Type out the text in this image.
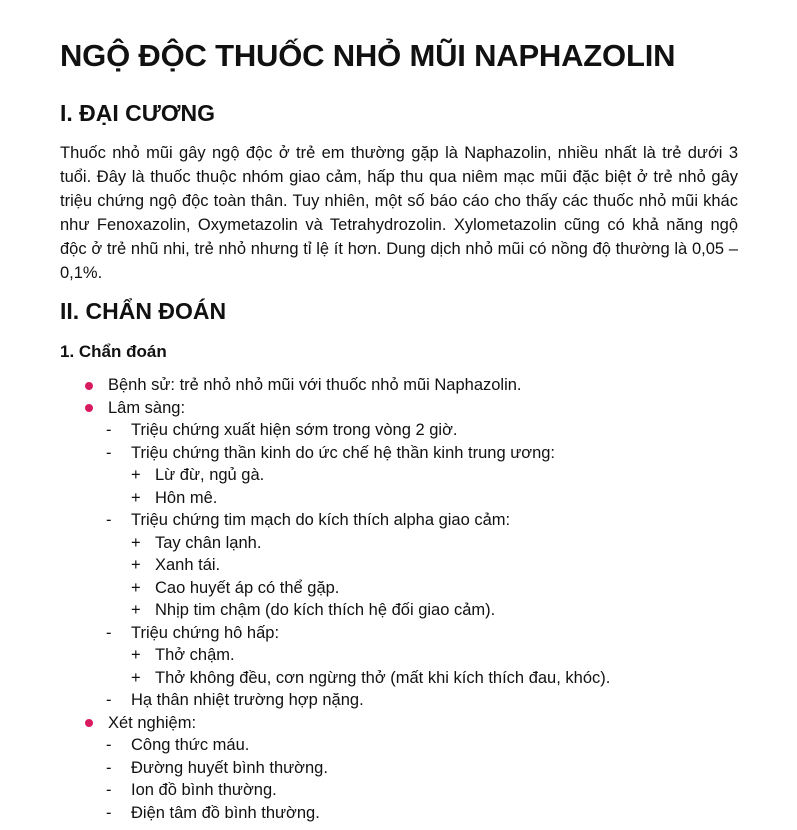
NGỘ ĐỘC THUỐC NHỎ MŨI NAPHAZOLIN
I. ĐẠI CƯƠNG

Thuốc nhỏ mũi gây ngộ độc ở trẻ em thường gặp là Naphazolin, nhiều nhất là trẻ dưới 3 tuổi. Đây là thuốc thuộc nhóm giao cảm, hấp thu qua niêm mạc mũi đặc biệt ở trẻ nhỏ gây triệu chứng ngộ độc toàn thân. Tuy nhiên, một số báo cáo cho thấy các thuốc nhỏ mũi khác như Fenoxazolin, Oxymetazolin và Tetrahydrozolin. Xylometazolin cũng có khả năng ngộ độc ở trẻ nhũ nhi, trẻ nhỏ nhưng tỉ lệ ít hơn. Dung dịch nhỏ mũi có nồng độ thường là 0,05 – 0,1%.

II. CHẨN ĐOÁN
1. Chẩn đoán
Bệnh sử: trẻ nhỏ nhỏ mũi với thuốc nhỏ mũi Naphazolin.
Lâm sàng:
- Triệu chứng xuất hiện sớm trong vòng 2 giờ.
- Triệu chứng thần kinh do ức chế hệ thần kinh trung ương:
+ Lừ đừ, ngủ gà.
+ Hôn mê.
- Triệu chứng tim mạch do kích thích alpha giao cảm:
+ Tay chân lạnh.
+ Xanh tái.
+ Cao huyết áp có thể gặp.
+ Nhịp tim chậm (do kích thích hệ đối giao cảm).
- Triệu chứng hô hấp:
+ Thở chậm.
+ Thở không đều, cơn ngừng thở (mất khi kích thích đau, khóc).
- Hạ thân nhiệt trường hợp nặng.
Xét nghiệm:
- Công thức máu.
- Đường huyết bình thường.
- Ion đồ bình thường.
- Điện tâm đồ bình thường.
